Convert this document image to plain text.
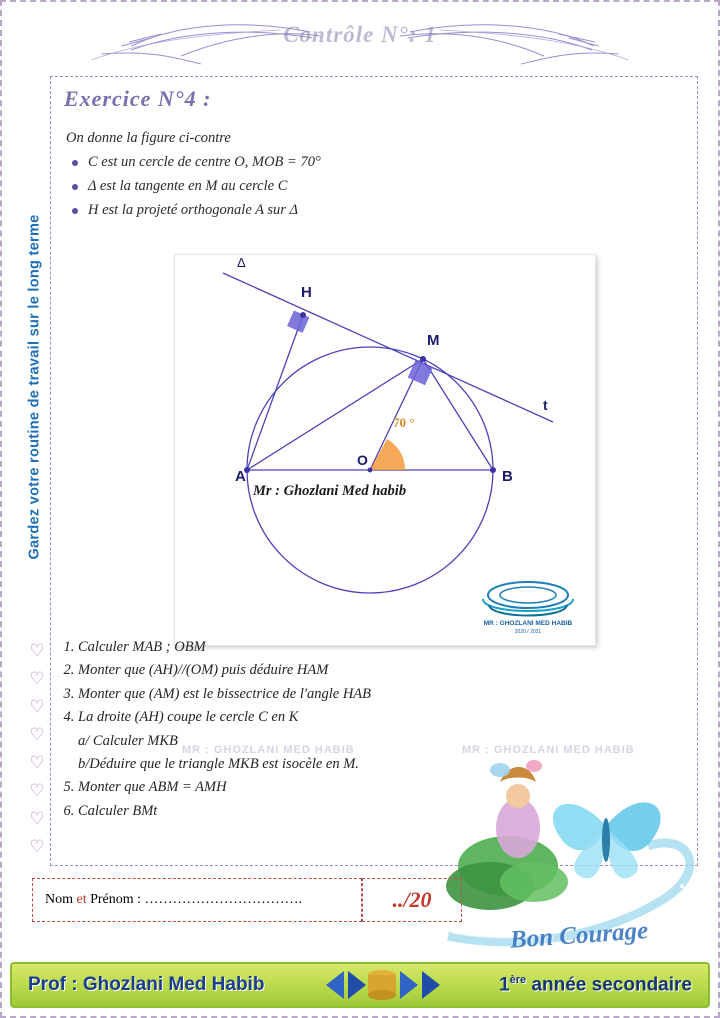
Contrôle N°: 1
Gardez votre routine de travail sur le long terme
♡
♡
♡
♡
♡
♡
♡
♡
Exercice N°4 :

On donne la figure ci-contre

C est un cercle de centre O, MOB = 70°
Δ est la tangente en M au cercle C
H est la projeté orthogonale A sur Δ
70 °
A	B
O
M
H
Δ
t
Mr : Ghozlani Med habib
MR : GHOZLANI MED HABIB
2020 / 2021
MR : GHOZLANI MED HABIB	MR : GHOZLANI MED HABIB
1. Calculer MAB ; OBM
2. Monter que (AH)//(OM) puis déduire HAM
3. Monter que (AM) est le bissectrice de l'angle HAB
4. La droite (AH) coupe le cercle C en K
a/ Calculer MKB
b/Déduire que le triangle MKB est isocèle en M.
5. Monter que ABM = AMH
6. Calculer BMt
Bon Courage
Nom et Prénom : …………………………….	../20
Prof : Ghozlani Med Habib	1ère année secondaire
